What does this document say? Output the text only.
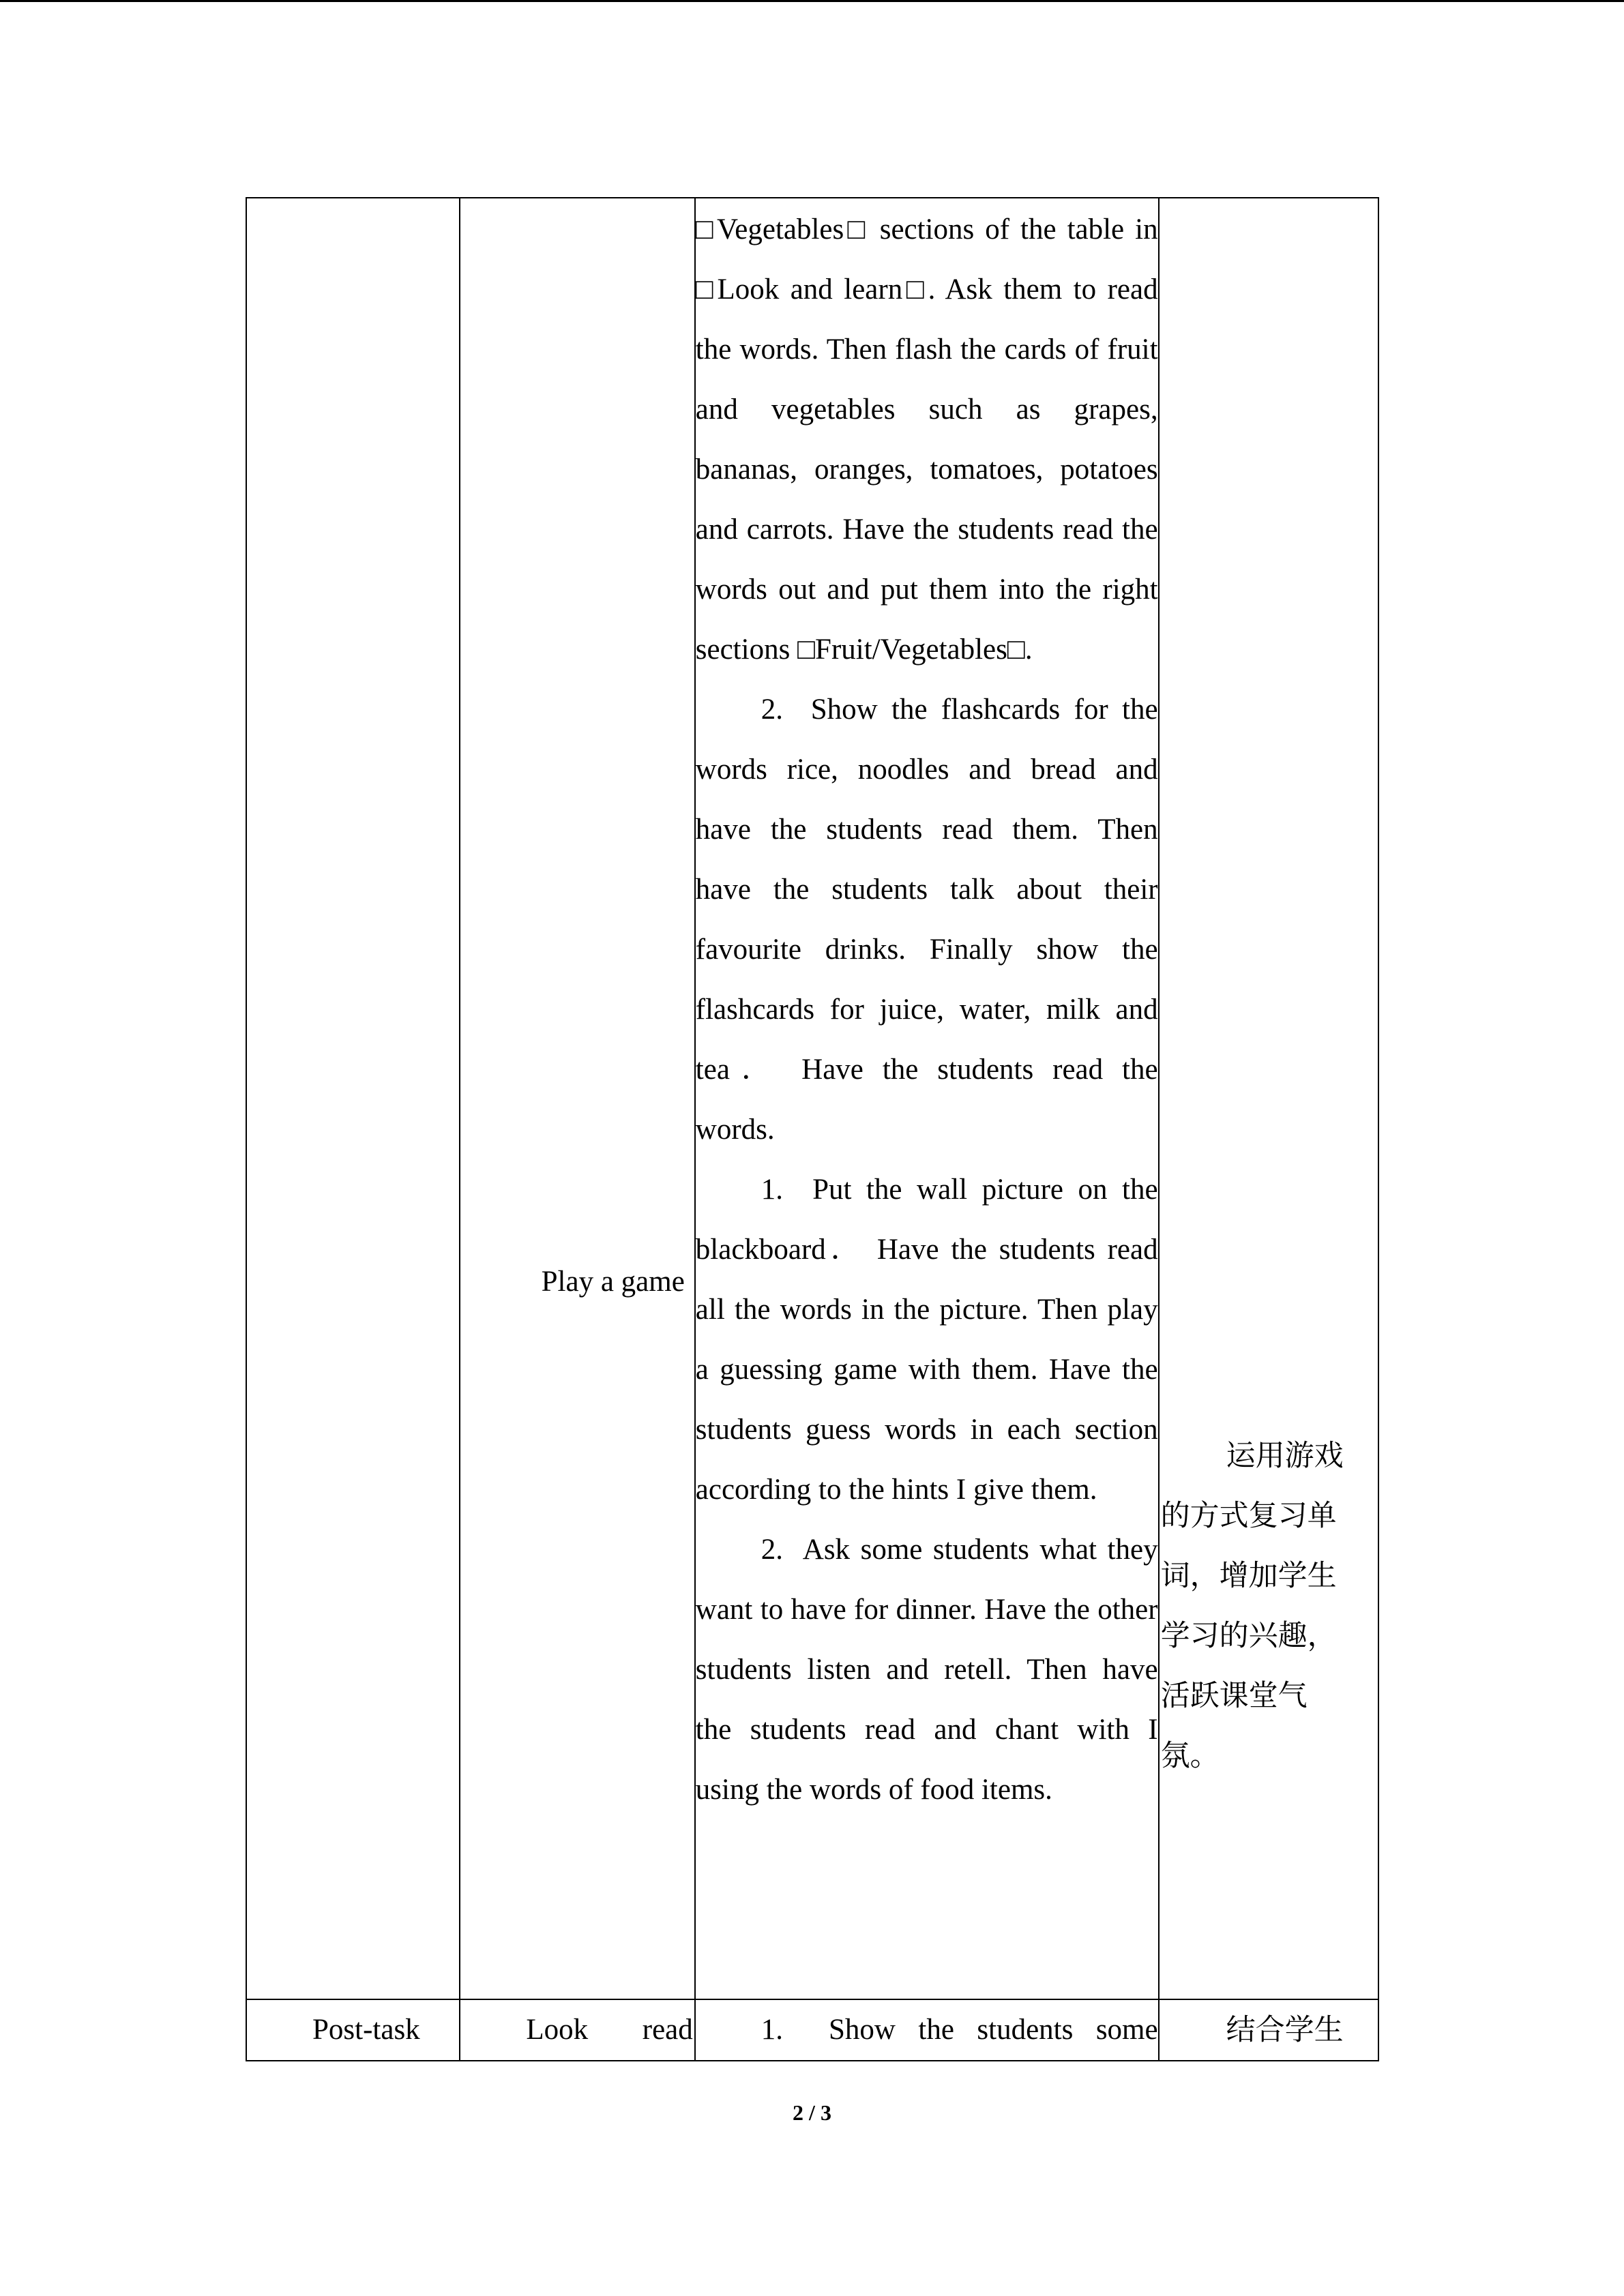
	Play a game	□Vegetables□ sections of the table in □Look and learn□. Ask them to read the words. Then flash the cards of fruit and vegetables such as grapes, bananas, oranges, tomatoes, potatoes and carrots. Have the students read the words out and put them into the right sections □Fruit/Vegetables□.

2.  Show the flashcards for the words rice, noodles and bread and have the students read them. Then have the students talk about their favourite drinks. Finally show the flashcards for juice, water, milk and tea． Have the students read the words.

1.  Put the wall picture on the blackboard． Have the students read all the words in the picture. Then play a guessing game with them. Have the students guess words in each section according to the hints I give them.

2.  Ask some students what they want to have for dinner. Have the other students listen and retell. Then have the students read and chant with I using the words of food items.	运用游戏的方式复习单词，增加学生学习的兴趣，活跃课堂气氛。

Post-task	Look read	1.  Show the students some	结合学生

2 / 3
